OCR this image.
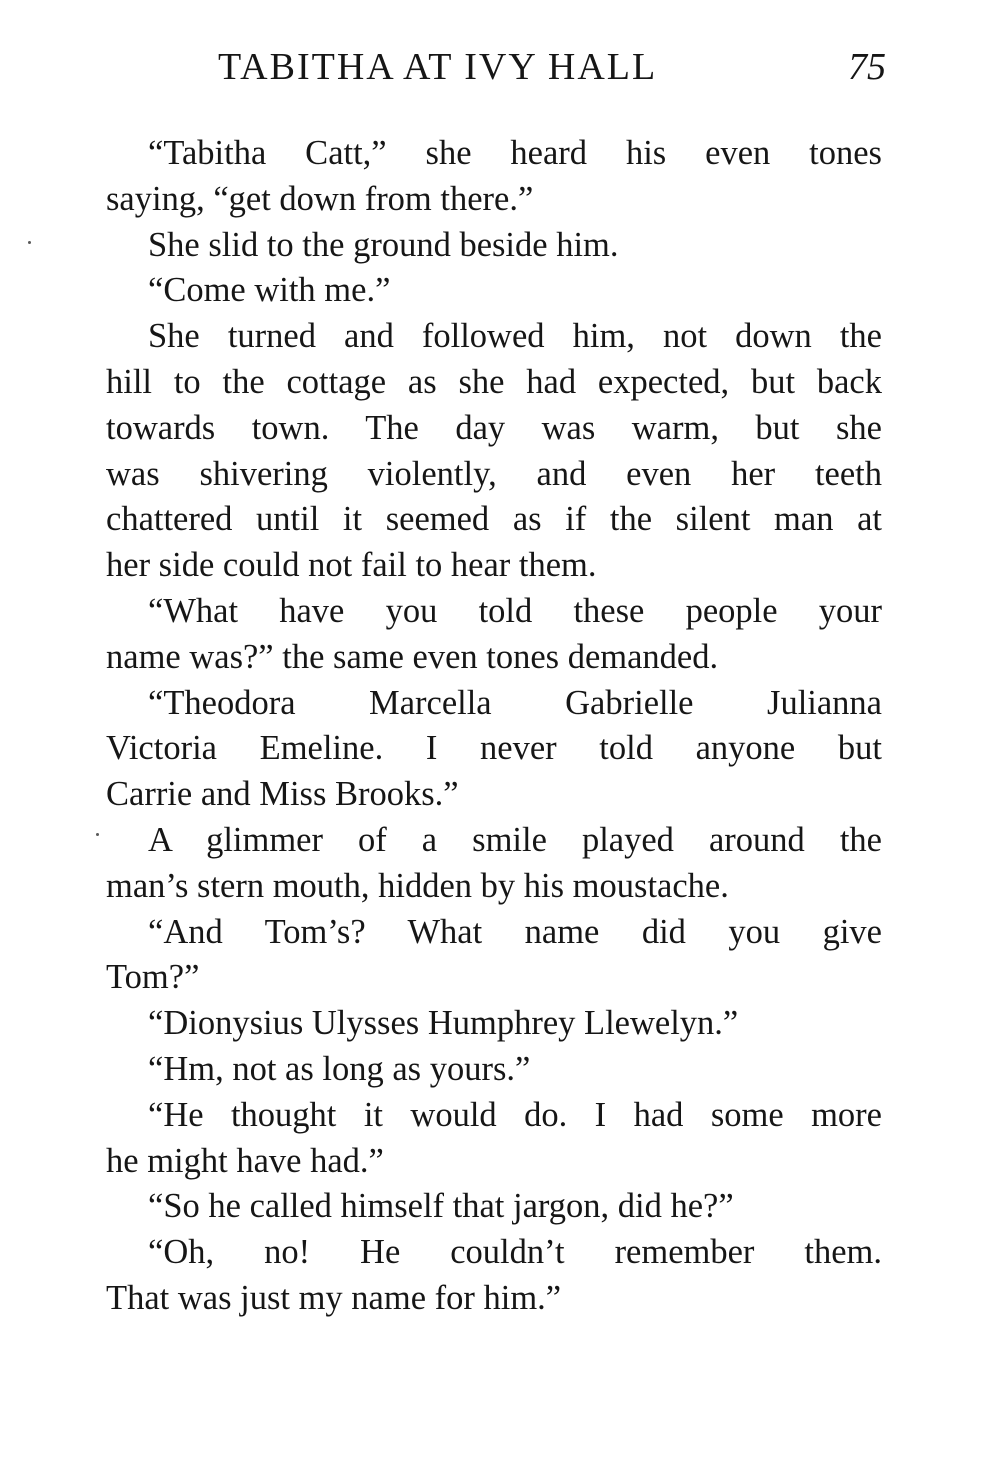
TABITHA AT IVY HALL	75
“Tabitha Catt,” she heard his even tones
saying, “get down from there.”
She slid to the ground beside him.
“Come with me.”
She turned and followed him, not down the
hill to the cottage as she had expected, but back
towards town. The day was warm, but she
was shivering violently, and even her teeth
chattered until it seemed as if the silent man at
her side could not fail to hear them.
“What have you told these people your
name was?” the same even tones demanded.
“Theodora Marcella Gabrielle Julianna
Victoria Emeline. I never told anyone but
Carrie and Miss Brooks.”
A glimmer of a smile played around the
man’s stern mouth, hidden by his moustache.
“And Tom’s? What name did you give
Tom?”
“Dionysius Ulysses Humphrey Llewelyn.”
“Hm, not as long as yours.”
“He thought it would do. I had some more
he might have had.”
“So he called himself that jargon, did he?”
“Oh, no! He couldn’t remember them.
That was just my name for him.”
